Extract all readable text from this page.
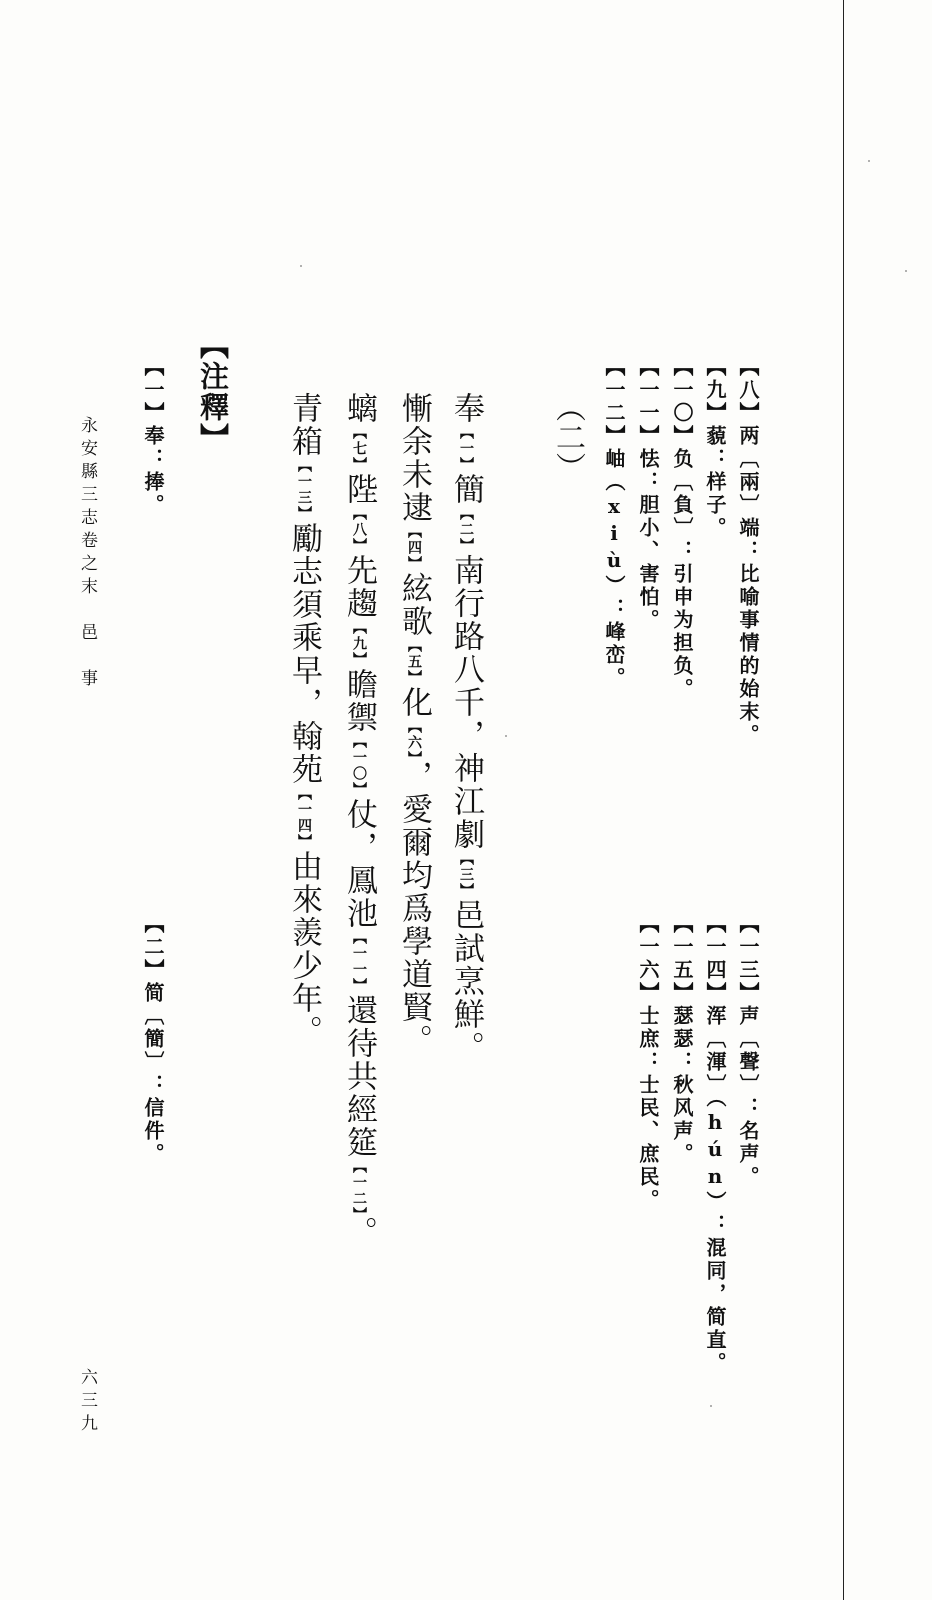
【八】两〔兩〕端：比喻事情的始末。
【九】藐：样子。
【一〇】负〔負〕：引申为担负。
【一一】怯：胆小、害怕。
【一二】岫（xiù）：峰峦。
【一三】声〔聲〕：名声。
【一四】浑〔渾〕（hún）：混同，简直。
【一五】瑟瑟：秋风声。
【一六】士庶：士民、庶民。
（二）
奉【一】簡【二】南行路八千，神江劇【三】邑試烹鮮。
慚余未逮【四】絃歌【五】化【六】，愛爾均爲學道賢。
螭【七】陛【八】先趨【九】瞻禦【一〇】仗，鳳池【一一】還待共經筵【一二】。
青箱【一三】勵志須乘早，翰苑【一四】由來羨少年。
【注釋】
【一】奉：捧。
【二】简〔簡〕：信件。
永安縣三志卷之末　邑　事
六三九
